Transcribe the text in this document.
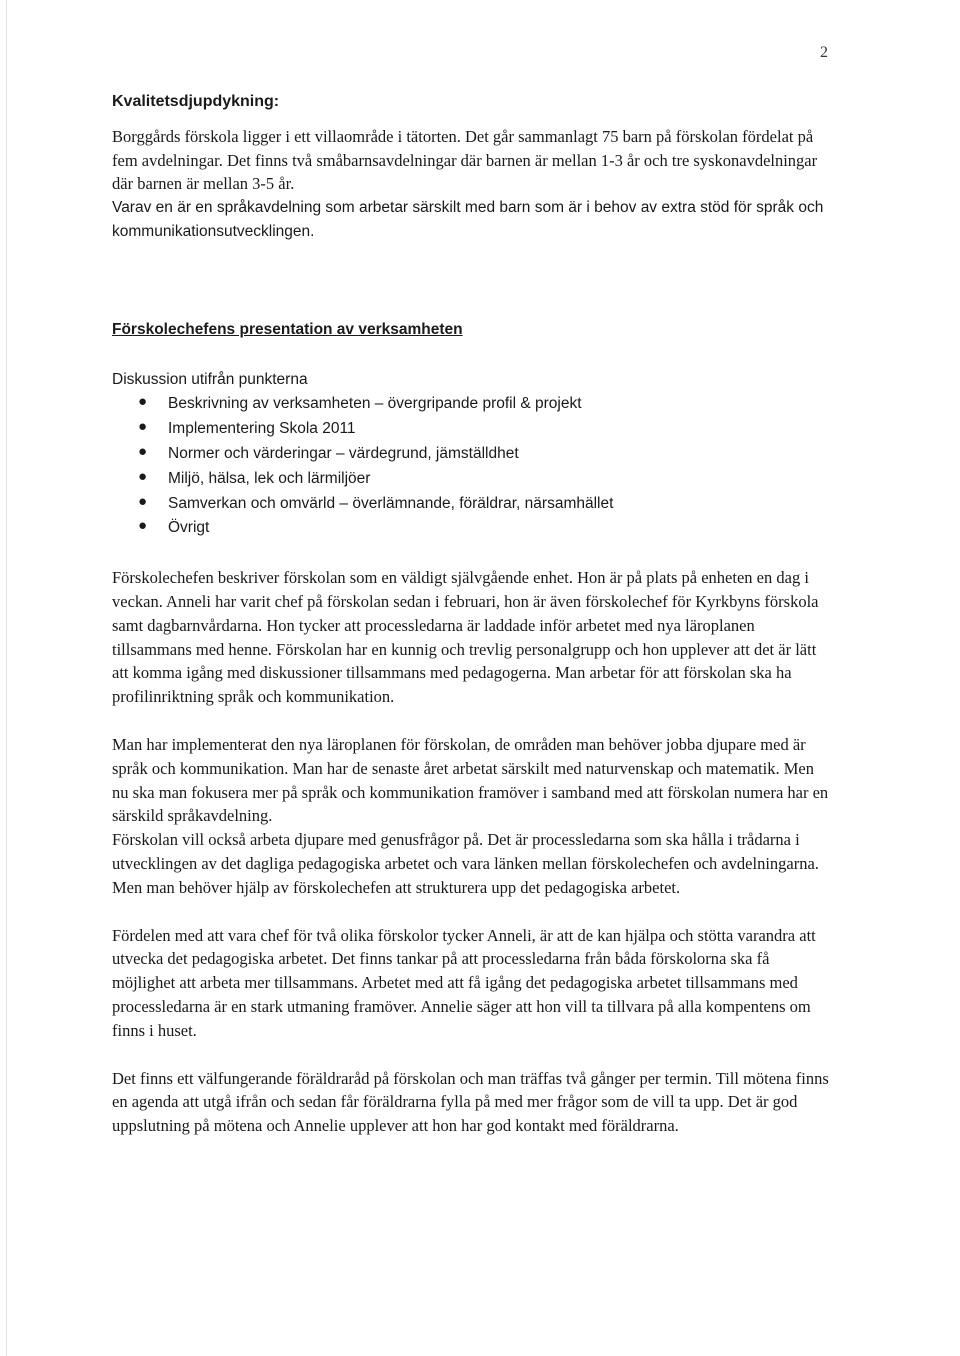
2
Kvalitetsdjupdykning:

Borggårds förskola ligger i ett villaområde i tätorten. Det går sammanlagt 75 barn på förskolan fördelat på fem avdelningar. Det finns två småbarnsavdelningar där barnen är mellan 1-3 år och tre syskonavdelningar där barnen är mellan 3-5 år.

Varav en är en språkavdelning som arbetar särskilt med barn som är i behov av extra stöd för språk och kommunikationsutvecklingen.

Förskolechefens presentation av verksamheten

Diskussion utifrån punkterna

● Beskrivning av verksamheten – övergripande profil & projekt
● Implementering Skola 2011
● Normer och värderingar – värdegrund, jämställdhet
● Miljö, hälsa, lek och lärmiljöer
● Samverkan och omvärld – överlämnande, föräldrar, närsamhället
● Övrigt

Förskolechefen beskriver förskolan som en väldigt självgående enhet. Hon är på plats på enheten en dag i veckan. Anneli har varit chef på förskolan sedan i februari, hon är även förskolechef för Kyrkbyns förskola samt dagbarnvårdarna. Hon tycker att processledarna är laddade inför arbetet med nya läroplanen tillsammans med henne. Förskolan har en kunnig och trevlig personalgrupp och hon upplever att det är lätt att komma igång med diskussioner tillsammans med pedagogerna. Man arbetar för att förskolan ska ha profilinriktning språk och kommunikation.

Man har implementerat den nya läroplanen för förskolan, de områden man behöver jobba djupare med är språk och kommunikation. Man har de senaste året arbetat särskilt med naturvenskap och matematik. Men nu ska man fokusera mer på språk och kommunikation framöver i samband med att förskolan numera har en särskild språkavdelning.

Förskolan vill också arbeta djupare med genusfrågor på. Det är processledarna som ska hålla i trådarna i utvecklingen av det dagliga pedagogiska arbetet och vara länken mellan förskolechefen och avdelningarna. Men man behöver hjälp av förskolechefen att strukturera upp det pedagogiska arbetet.

Fördelen med att vara chef för två olika förskolor tycker Anneli, är att de kan hjälpa och stötta varandra att utvecka det pedagogiska arbetet. Det finns tankar på att processledarna från båda förskolorna ska få möjlighet att arbeta mer tillsammans. Arbetet med att få igång det pedagogiska arbetet tillsammans med processledarna är en stark utmaning framöver. Annelie säger att hon vill ta tillvara på alla kompentens om finns i huset.

Det finns ett välfungerande föräldraråd på förskolan och man träffas två gånger per termin. Till mötena finns en agenda att utgå ifrån och sedan får föräldrarna fylla på med mer frågor som de vill ta upp. Det är god uppslutning på mötena och Annelie upplever att hon har god kontakt med föräldrarna.
